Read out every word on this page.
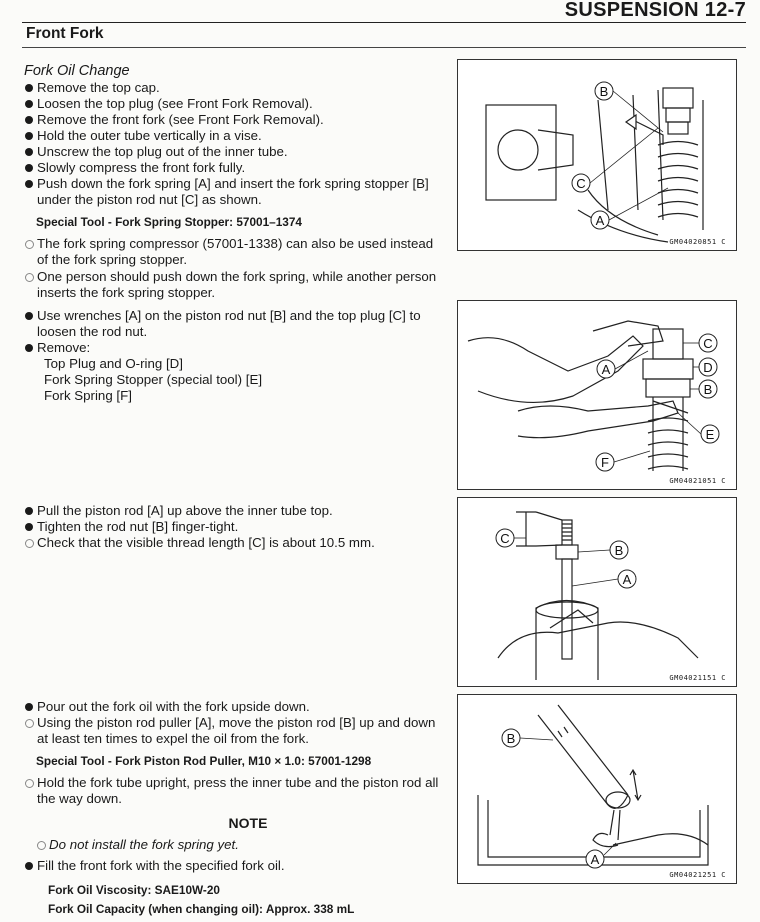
SUSPENSION 12-7
Front Fork

Fork Oil Change

Remove the top cap.

Loosen the top plug (see Front Fork Removal).

Remove the front fork (see Front Fork Removal).

Hold the outer tube vertically in a vise.

Unscrew the top plug out of the inner tube.

Slowly compress the front fork fully.

Push down the fork spring [A] and insert the fork spring stopper [B] under the piston rod nut [C] as shown.

Special Tool - Fork Spring Stopper: 57001–1374

The fork spring compressor (57001-1338) can also be used instead of the fork spring stopper.

One person should push down the fork spring, while another person inserts the fork spring stopper.

Use wrenches [A] on the piston rod nut [B] and the top plug [C] to loosen the rod nut.

Remove:

Top Plug and O-ring [D]

Fork Spring Stopper (special tool) [E]

Fork Spring [F]

Pull the piston rod [A] up above the inner tube top.

Tighten the rod nut [B] finger-tight.

Check that the visible thread length [C] is about 10.5 mm.

Pour out the fork oil with the fork upside down.

Using the piston rod puller [A], move the piston rod [B] up and down at least ten times to expel the oil from the fork.

Special Tool - Fork Piston Rod Puller, M10 × 1.0: 57001-1298

Hold the fork tube upright, press the inner tube and the piston rod all the way down.

NOTE

Do not install the fork spring yet.

Fill the front fork with the specified fork oil.

Fork Oil Viscosity: SAE10W-20

Fork Oil Capacity (when changing oil): Approx. 338 mL

B
C
A
GM04020851 C
A
C
D
B
E
F
GM04021051 C
C
B
A
GM04021151 C
B
A
GM04021251 C
